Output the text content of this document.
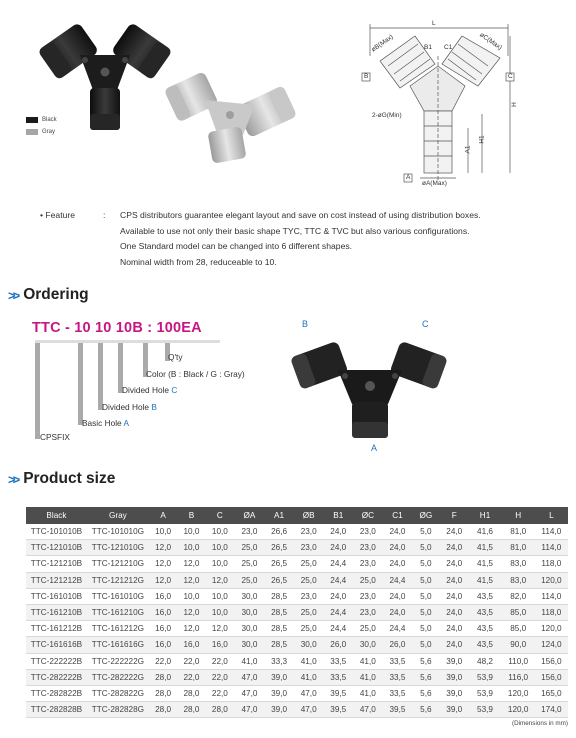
Black
Gray
L
øB(Max)	øC(Max)
B1 C1
B	C
2-øG(Min)
H
H1
A1
A
øA(Max)
• Feature	: CPS distributors guarantee elegant layout and save on cost instead of using distribution boxes.
Available to use not only their basic shape TYC, TTC & TVC but also various configurations.
One Standard model can be changed into 6 different shapes.
Nominal width from 28, reduceable to 10.
>> Ordering
TTC - 10 10 10B : 100EA
Q'ty
Color (B : Black / G : Gray)
Divided Hole C
Divided Hole B
Basic Hole A
CPSFIX
B	C
A
>> Product size
Black	Gray	A	B	C	ØA	A1	ØB	B1	ØC	C1	ØG	F	H1	H	L
TTC-101010B	TTC-101010G	10,0	10,0	10,0	23,0	26,6	23,0	24,0	23,0	24,0	5,0	24,0	41,6	81,0	114,0
TTC-121010B	TTC-121010G	12,0	10,0	10,0	25,0	26,5	23,0	24,0	23,0	24,0	5,0	24,0	41,5	81,0	114,0
TTC-121210B	TTC-121210G	12,0	12,0	10,0	25,0	26,5	25,0	24,4	23,0	24,0	5,0	24,0	41,5	83,0	118,0
TTC-121212B	TTC-121212G	12,0	12,0	12,0	25,0	26,5	25,0	24,4	25,0	24,4	5,0	24,0	41,5	83,0	120,0
TTC-161010B	TTC-161010G	16,0	10,0	10,0	30,0	28,5	23,0	24,0	23,0	24,0	5,0	24,0	43,5	82,0	114,0
TTC-161210B	TTC-161210G	16,0	12,0	10,0	30,0	28,5	25,0	24,4	23,0	24,0	5,0	24,0	43,5	85,0	118,0
TTC-161212B	TTC-161212G	16,0	12,0	12,0	30,0	28,5	25,0	24,4	25,0	24,4	5,0	24,0	43,5	85,0	120,0
TTC-161616B	TTC-161616G	16,0	16,0	16,0	30,0	28,5	30,0	26,0	30,0	26,0	5,0	24,0	43,5	90,0	124,0
TTC-222222B	TTC-222222G	22,0	22,0	22,0	41,0	33,3	41,0	33,5	41,0	33,5	5,6	39,0	48,2	110,0	156,0
TTC-282222B	TTC-282222G	28,0	22,0	22,0	47,0	39,0	41,0	33,5	41,0	33,5	5,6	39,0	53,9	116,0	156,0
TTC-282822B	TTC-282822G	28,0	28,0	22,0	47,0	39,0	47,0	39,5	41,0	33,5	5,6	39,0	53,9	120,0	165,0
TTC-282828B	TTC-282828G	28,0	28,0	28,0	47,0	39,0	47,0	39,5	47,0	39,5	5,6	39,0	53,9	120,0	174,0
(Dimensions in mm)
